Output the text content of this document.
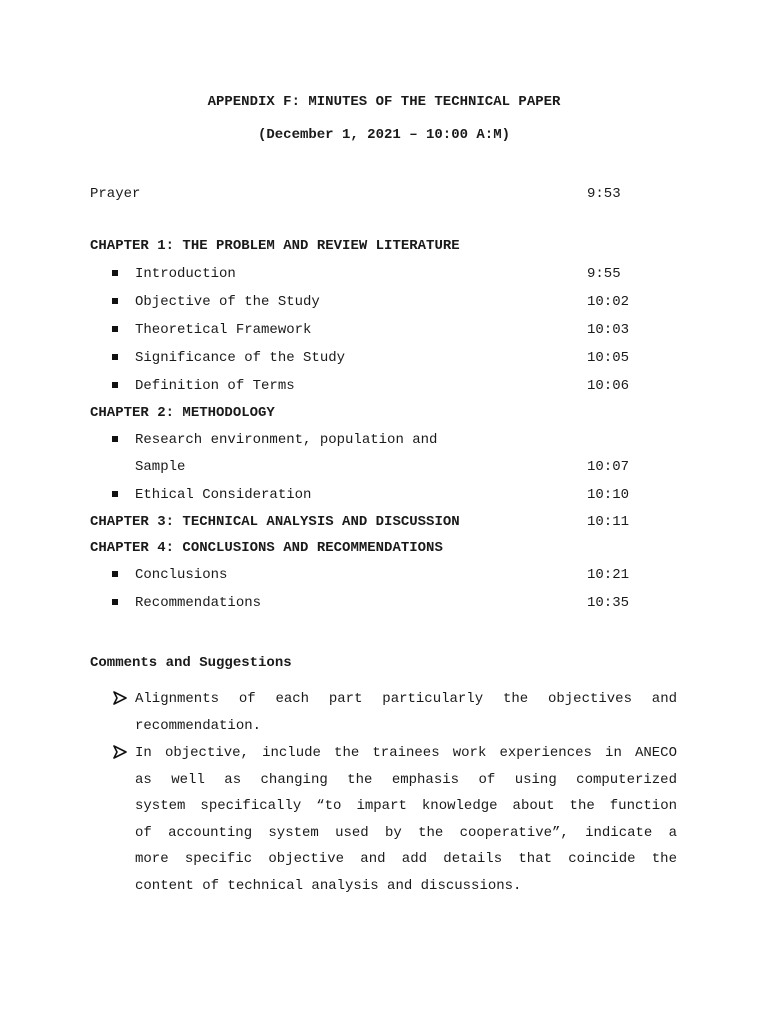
APPENDIX F: MINUTES OF THE TECHNICAL PAPER
(December 1, 2021 – 10:00 A:M)
Prayer	9:53
CHAPTER 1: THE PROBLEM AND REVIEW LITERATURE
Introduction	9:55
Objective of the Study	10:02
Theoretical Framework	10:03
Significance of the Study	10:05
Definition of Terms	10:06
CHAPTER 2: METHODOLOGY
Research environment, population and
Sample	10:07
Ethical Consideration	10:10
CHAPTER 3: TECHNICAL ANALYSIS AND DISCUSSION	10:11
CHAPTER 4: CONCLUSIONS AND RECOMMENDATIONS
Conclusions	10:21
Recommendations	10:35
Comments and Suggestions
Alignments of each part particularly the objectives and
recommendation.
In objective, include the trainees work experiences in ANECO
as well as changing the emphasis of using computerized
system specifically “to impart knowledge about the function
of accounting system used by the cooperative”, indicate a
more specific objective and add details that coincide the
content of technical analysis and discussions.
